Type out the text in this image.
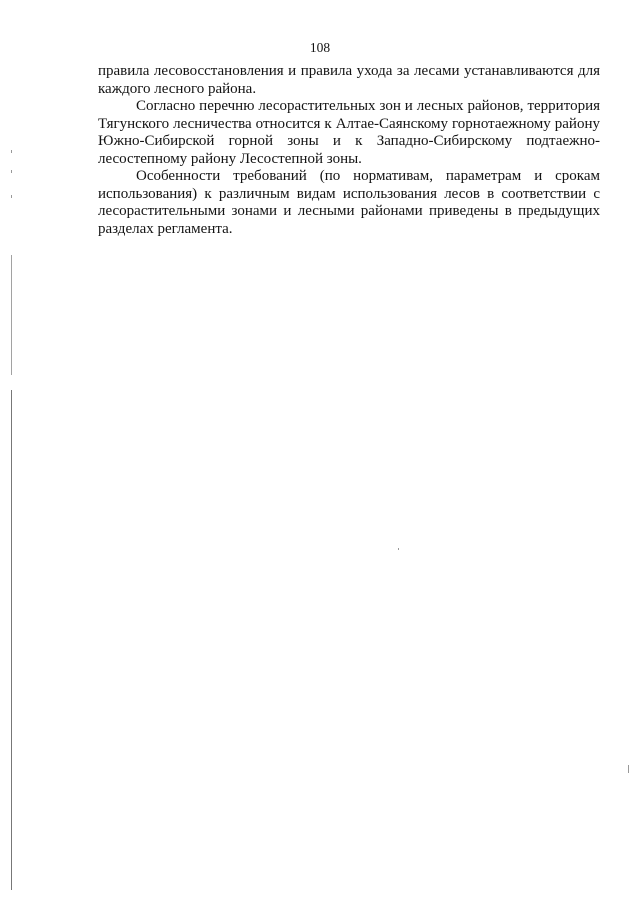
108

правила лесовосстановления и правила ухода за лесами устанавливаются для каждого лесного района.

Согласно перечню лесорастительных зон и лесных районов, территория Тягунского лесничества относится к Алтае-Саянскому горнотаежному району Южно-Сибирской горной зоны и к Западно-Сибирскому подтаежно-лесостепному району Лесостепной зоны.

Особенности требований (по нормативам, параметрам и срокам использования) к различным видам использования лесов в соответствии с лесорастительными зонами и лесными районами приведены в предыдущих разделах регламента.
